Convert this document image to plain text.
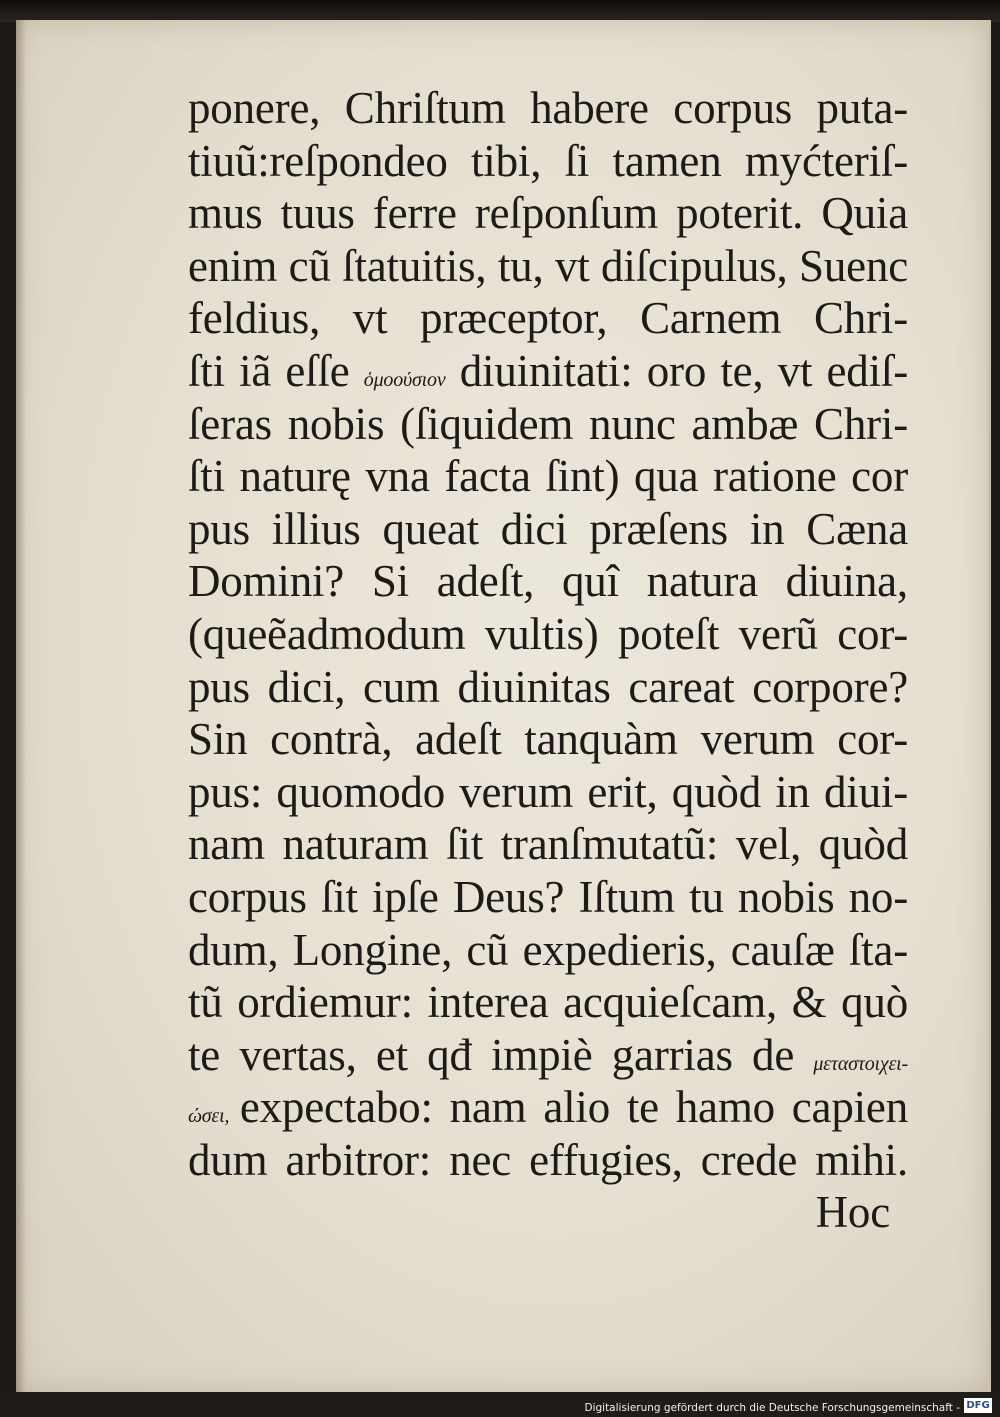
ponere, Chriſtum habere corpus puta-
tiuũ:reſpondeo tibi, ſi tamen myćteriſ-
mus tuus ferre reſponſum poterit. Quia
enim cũ ſtatuitis, tu, vt diſcipulus, Suenc
feldius, vt præceptor, Carnem Chri-
ſti iã eſſe ὁμοούσιον diuinitati: oro te, vt ediſ-
ſeras nobis (ſiquidem nunc ambæ Chri-
ſti naturę vna facta ſint) qua ratione cor
pus illius queat dici præſens in Cæna
Domini? Si adeſt, quî natura diuina,
(queẽadmodum vultis) poteſt verũ cor-
pus dici, cum diuinitas careat corpore?
Sin contrà, adeſt tanquàm verum cor-
pus: quomodo verum erit, quòd in diui-
nam naturam ſit tranſmutatũ: vel, quòd
corpus ſit ipſe Deus? Iſtum tu nobis no-
dum, Longine, cũ expedieris, cauſæ ſta-
tũ ordiemur: interea acquieſcam, & quò
te vertas, et qđ impiè garrias de μεταστοιχει-
ώσει, expectabo: nam alio te hamo capien
dum arbitror: nec effugies, crede mihi.
Hoc
Digitalisierung gefördert durch die Deutsche Forschungsgemeinschaft - DFG
